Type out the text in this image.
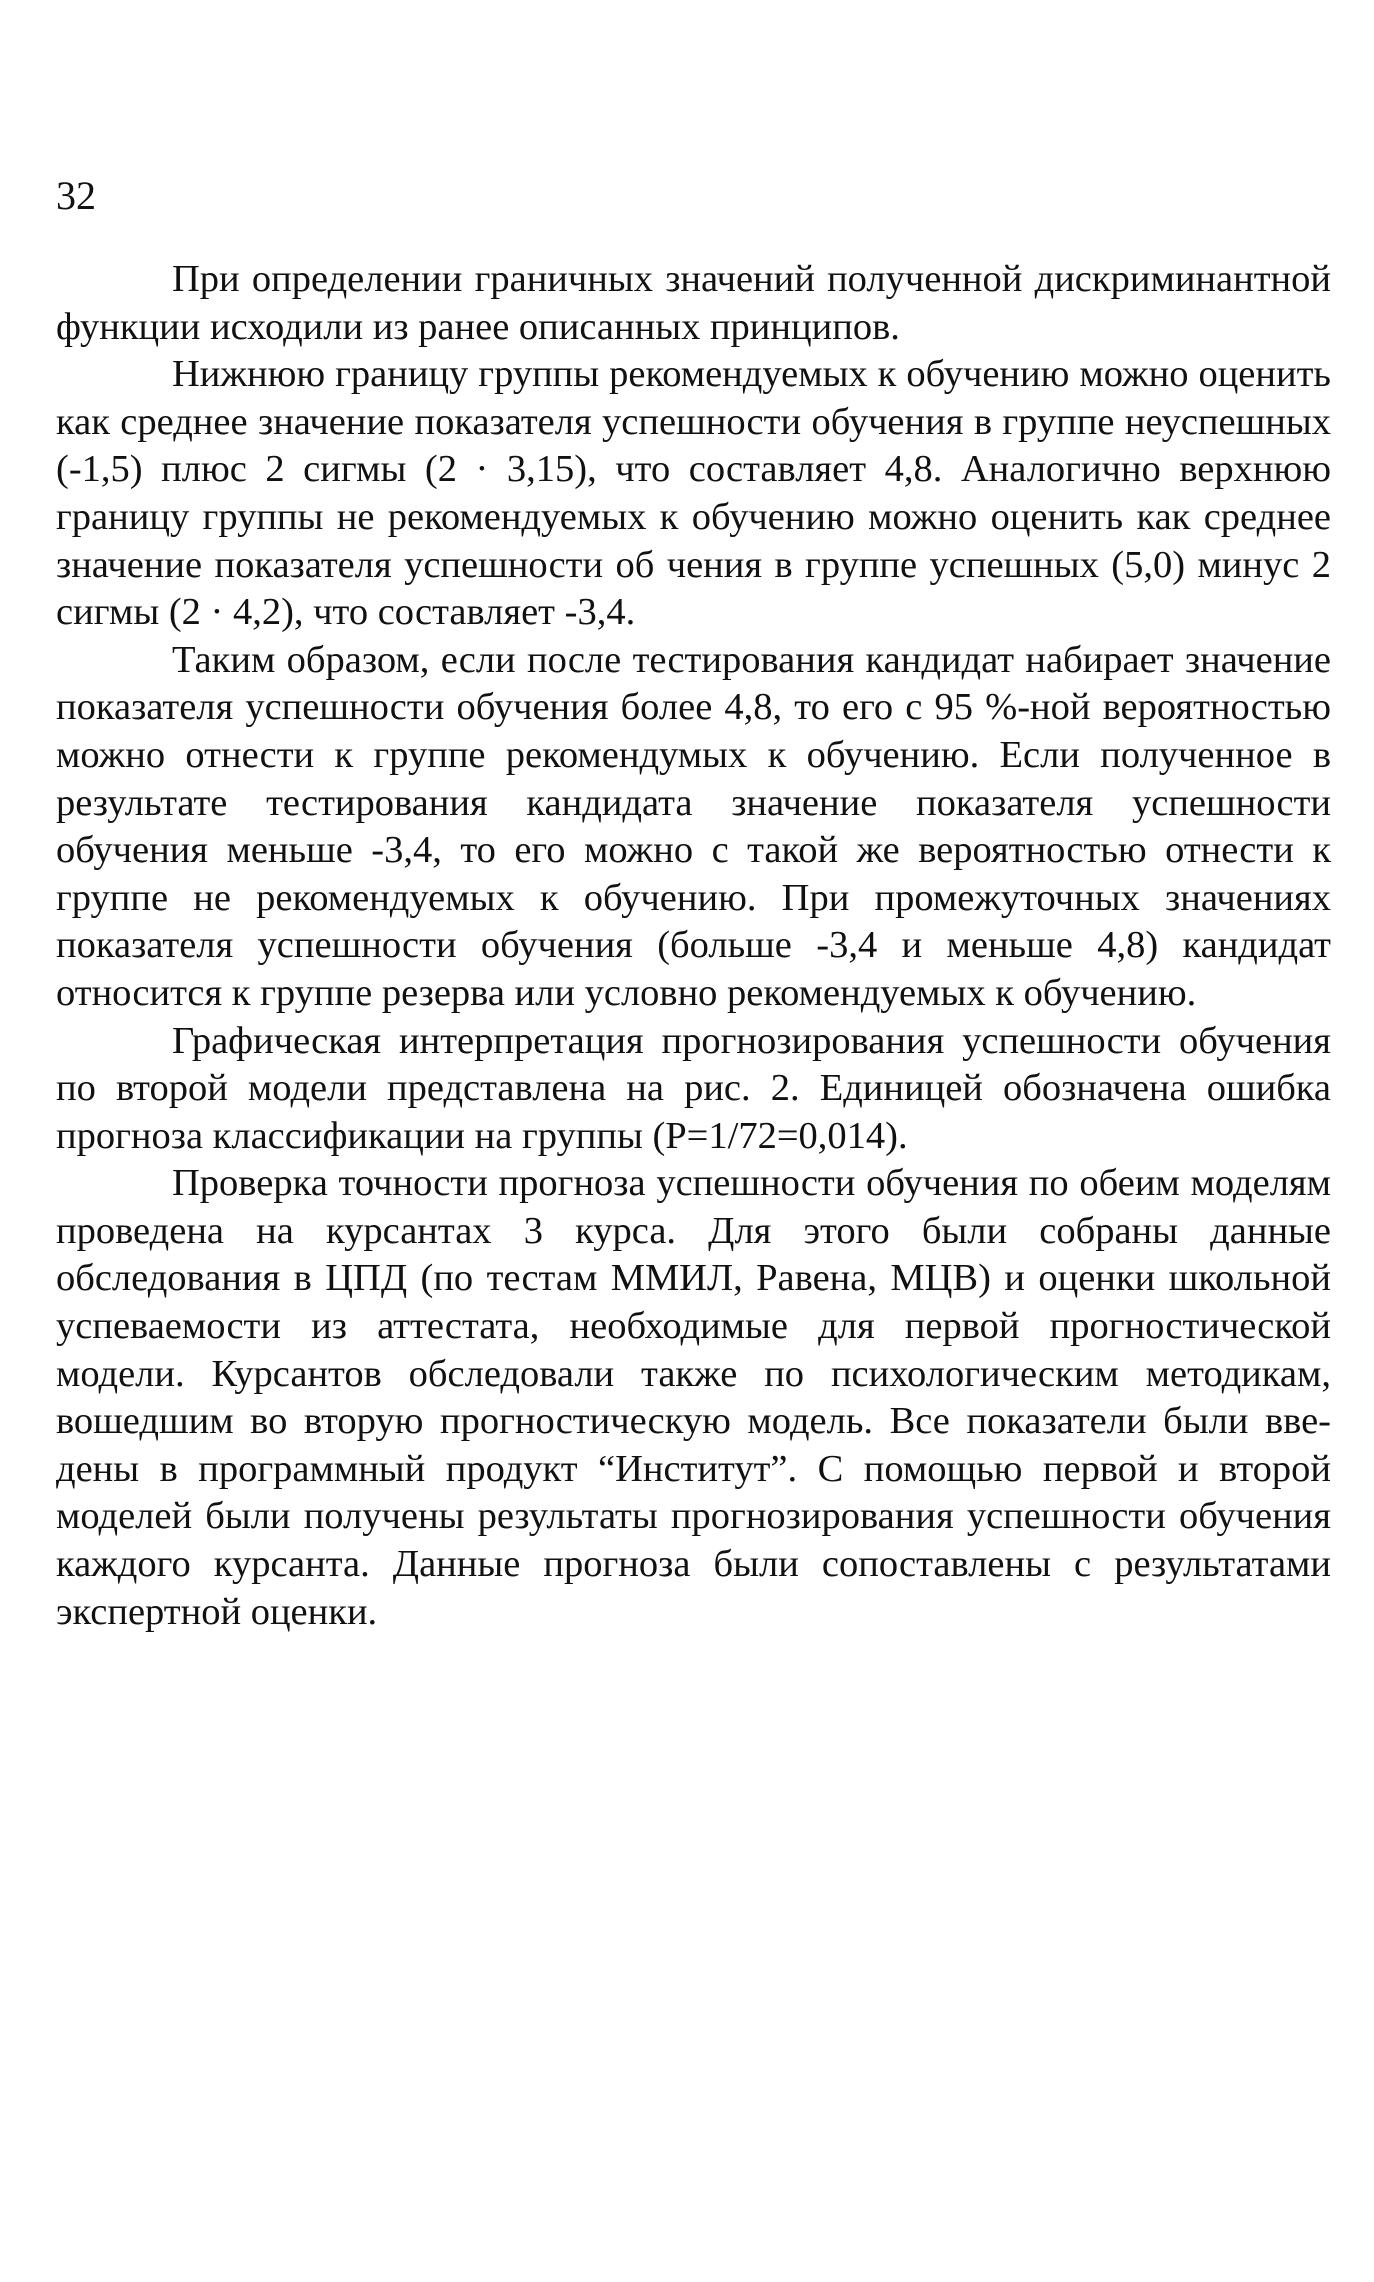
32

При определении граничных значений полученной дискриминантной функции исходили из ранее описанных принципов.

Нижнюю границу группы рекомендуемых к обучению можно оценить как среднее значение показателя успешности обучения в группе неуспешных (-1,5) плюс 2 сигмы (2 · 3,15), что составляет 4,8. Аналогично верхнюю границу группы не рекомендуемых к обучению можно оценить как среднее значение показателя успешности об чения в группе успешных (5,0) минус 2 сигмы (2 · 4,2), что составляет -3,4.

Таким образом, если после тестирования кандидат набирает значение показателя успешности обучения более 4,8, то его с 95 %-ной вероятностью можно отнести к группе рекомендумых к обучению. Если полученное в результате тестирования кандидата значение показателя успешности обучения меньше -3,4, то его можно с такой же вероятностью отнести к группе не рекомендуемых к обучению. При промежуточных значениях показателя успешности обучения (больше -3,4 и меньше 4,8) кандидат относится к группе резерва или условно рекомендуемых к обучению.

Графическая интерпретация прогнозирования успешности обучения по второй модели представлена на рис. 2. Единицей обозначена ошибка прогноза классификации на группы (P=1/72=0,014).

Проверка точности прогноза успешности обучения по обеим моделям проведена на курсантах 3 курса. Для этого были собраны данные обследования в ЦПД (по тестам ММИЛ, Равена, МЦВ) и оценки школьной успеваемости из аттестата, необходимые для первой прогностической модели. Курсантов обследовали также по психологическим методикам, вошедшим во вторую прогностическую модель. Все показатели были введены в программный продукт “Институт”. С помощью первой и второй моделей были получены результаты прогнозирования успешности обучения каждого курсанта. Данные прогноза были сопоставлены с результатами экспертной оценки.
